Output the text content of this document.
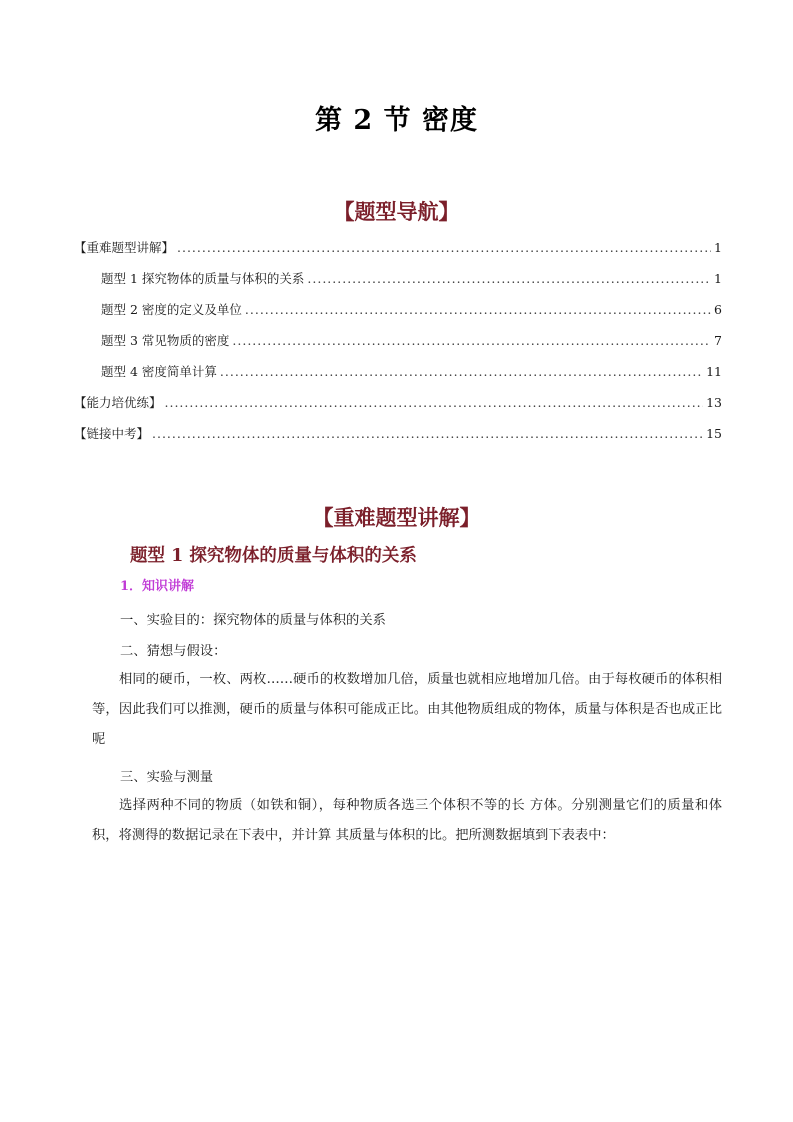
第 2 节 密度
【题型导航】
【重难题型讲解】 .....	1
题型 1 探究物体的质量与体积的关系 .....	1
题型 2 密度的定义及单位 .....	6
题型 3 常见物质的密度 .....	7
题型 4 密度简单计算 .....	11
【能力培优练】 .....	13
【链接中考】 .....	15
【重难题型讲解】
题型 1 探究物体的质量与体积的关系
1．知识讲解
一、实验目的：探究物体的质量与体积的关系
二、猜想与假设：

相同的硬币，一枚、两枚……硬币的枚数增加几倍，质量也就相应地增加几倍。由于每枚硬币的体积相等，因此我们可以推测，硬币的质量与体积可能成正比。由其他物质组成的物体，质量与体积是否也成正比呢

三、实验与测量

选择两种不同的物质（如铁和铜），每种物质各选三个体积不等的长 方体。分别测量它们的质量和体积，将测得的数据记录在下表中，并计算 其质量与体积的比。把所测数据填到下表表中：
